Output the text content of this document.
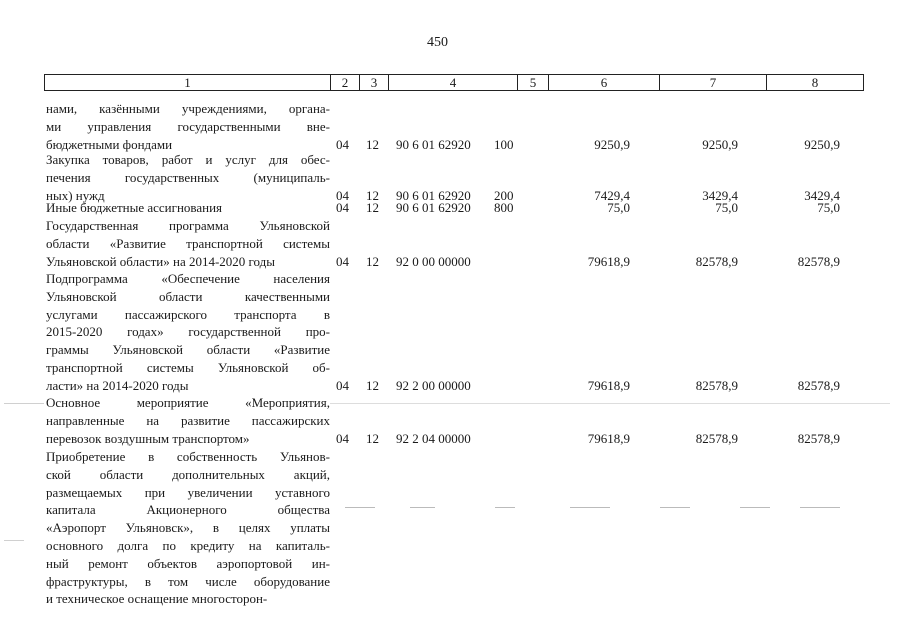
450
1	2	3	4	5	6	7	8
нами, казёнными учреждениями, органа-
ми управления государственными вне-
бюджетными фондами	04 12 90 6 01 62920 100	9250,9	9250,9	9250,9
Закупка товаров, работ и услуг для обес-
печения государственных (муниципаль-
ных) нужд	04 12 90 6 01 62920 200	7429,4	3429,4	3429,4
Иные бюджетные ассигнования	04 12 90 6 01 62920 800	75,0	75,0	75,0
Государственная программа Ульяновской
области «Развитие транспортной системы
Ульяновской области» на 2014-2020 годы	04 12 92 0 00 00000	79618,9	82578,9	82578,9
Подпрограмма «Обеспечение населения
Ульяновской области качественными
услугами пассажирского транспорта в
2015-2020 годах» государственной про-
граммы Ульяновской области «Развитие
транспортной системы Ульяновской об-
ласти» на 2014-2020 годы	04 12 92 2 00 00000	79618,9	82578,9	82578,9
Основное мероприятие «Мероприятия,
направленные на развитие пассажирских
перевозок воздушным транспортом»	04 12 92 2 04 00000	79618,9	82578,9	82578,9
Приобретение в собственность Ульянов-
ской области дополнительных акций,
размещаемых при увеличении уставного
капитала Акционерного общества
«Аэропорт Ульяновск», в целях уплаты
основного долга по кредиту на капиталь-
ный ремонт объектов аэропортовой ин-
фраструктуры, в том числе оборудование
и техническое оснащение многосторон-
